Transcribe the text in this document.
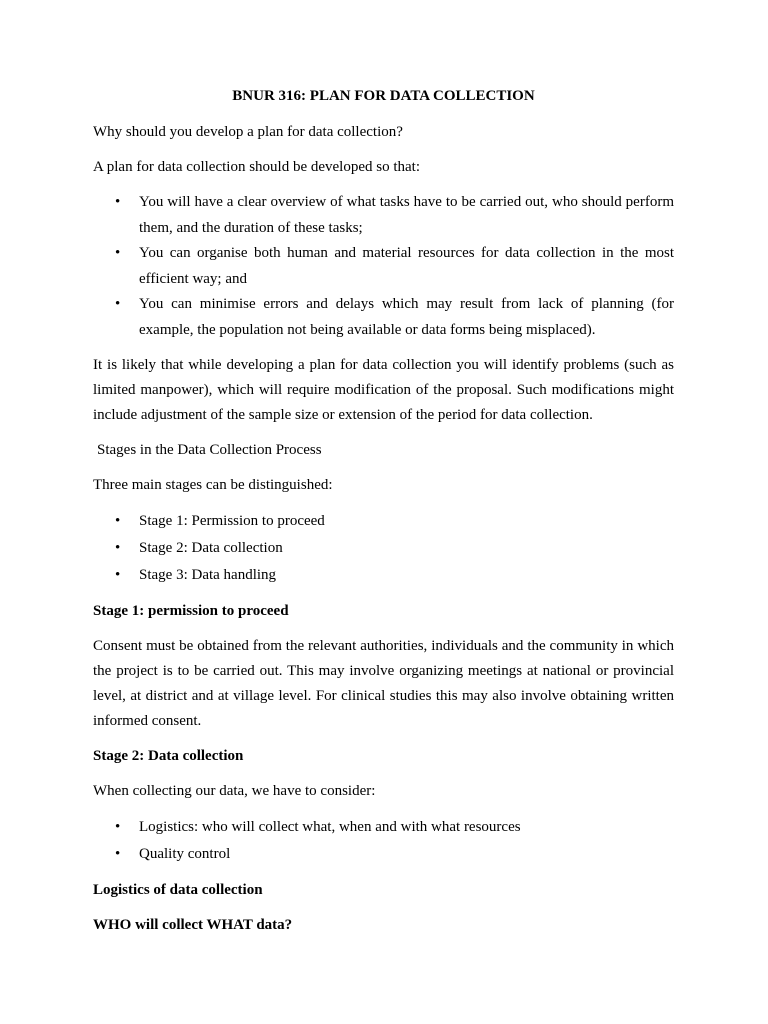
BNUR 316: PLAN FOR DATA COLLECTION

Why should you develop a plan for data collection?

A plan for data collection should be developed so that:

• You will have a clear overview of what tasks have to be carried out, who should perform them, and the duration of these tasks;
• You can organise both human and material resources for data collection in the most efficient way; and
• You can minimise errors and delays which may result from lack of planning (for example, the population not being available or data forms being misplaced).

It is likely that while developing a plan for data collection you will identify problems (such as limited manpower), which will require modification of the proposal. Such modifications might include adjustment of the sample size or extension of the period for data collection.

Stages in the Data Collection Process

Three main stages can be distinguished:

• Stage 1: Permission to proceed
• Stage 2: Data collection
• Stage 3: Data handling
Stage 1: permission to proceed

Consent must be obtained from the relevant authorities, individuals and the community in which the project is to be carried out. This may involve organizing meetings at national or provincial level, at district and at village level. For clinical studies this may also involve obtaining written informed consent.

Stage 2: Data collection

When collecting our data, we have to consider:

• Logistics: who will collect what, when and with what resources
• Quality control
Logistics of data collection
WHO will collect WHAT data?
